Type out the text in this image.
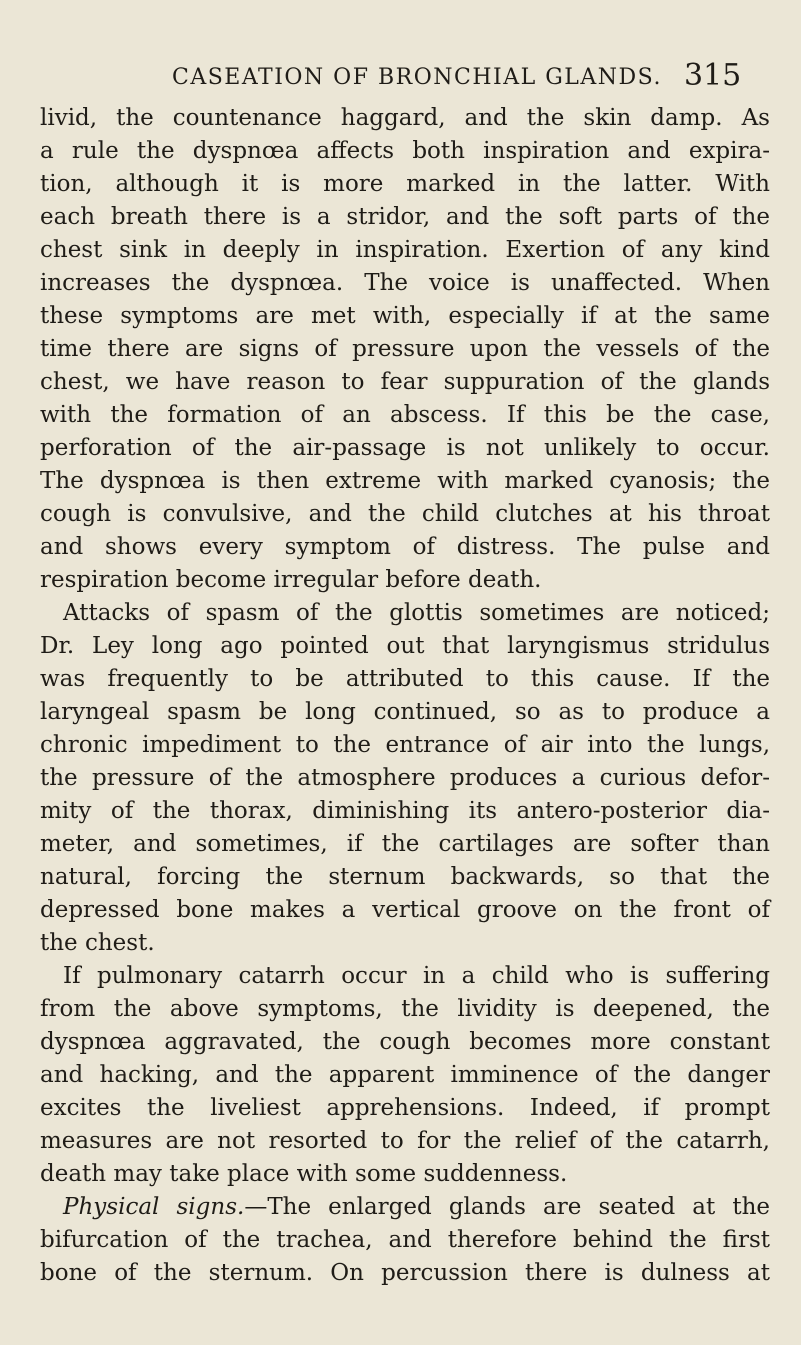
CASEATION OF BRONCHIAL GLANDS. 315
livid, the countenance haggard, and the skin damp. As
a rule the dyspnœa affects both inspiration and expira-
tion, although it is more marked in the latter. With
each breath there is a stridor, and the soft parts of the
chest sink in deeply in inspiration. Exertion of any kind
increases the dyspnœa. The voice is unaffected. When
these symptoms are met with, especially if at the same
time there are signs of pressure upon the vessels of the
chest, we have reason to fear suppuration of the glands
with the formation of an abscess. If this be the case,
perforation of the air-passage is not unlikely to occur.
The dyspnœa is then extreme with marked cyanosis; the
cough is convulsive, and the child clutches at his throat
and shows every symptom of distress. The pulse and
respiration become irregular before death.
Attacks of spasm of the glottis sometimes are noticed;
Dr. Ley long ago pointed out that laryngismus stridulus
was frequently to be attributed to this cause. If the
laryngeal spasm be long continued, so as to produce a
chronic impediment to the entrance of air into the lungs,
the pressure of the atmosphere produces a curious defor-
mity of the thorax, diminishing its antero-posterior dia-
meter, and sometimes, if the cartilages are softer than
natural, forcing the sternum backwards, so that the
depressed bone makes a vertical groove on the front of
the chest.
If pulmonary catarrh occur in a child who is suffering
from the above symptoms, the lividity is deepened, the
dyspnœa aggravated, the cough becomes more constant
and hacking, and the apparent imminence of the danger
excites the liveliest apprehensions. Indeed, if prompt
measures are not resorted to for the relief of the catarrh,
death may take place with some suddenness.
Physical signs.—The enlarged glands are seated at the
bifurcation of the trachea, and therefore behind the first
bone of the sternum. On percussion there is dulness at
